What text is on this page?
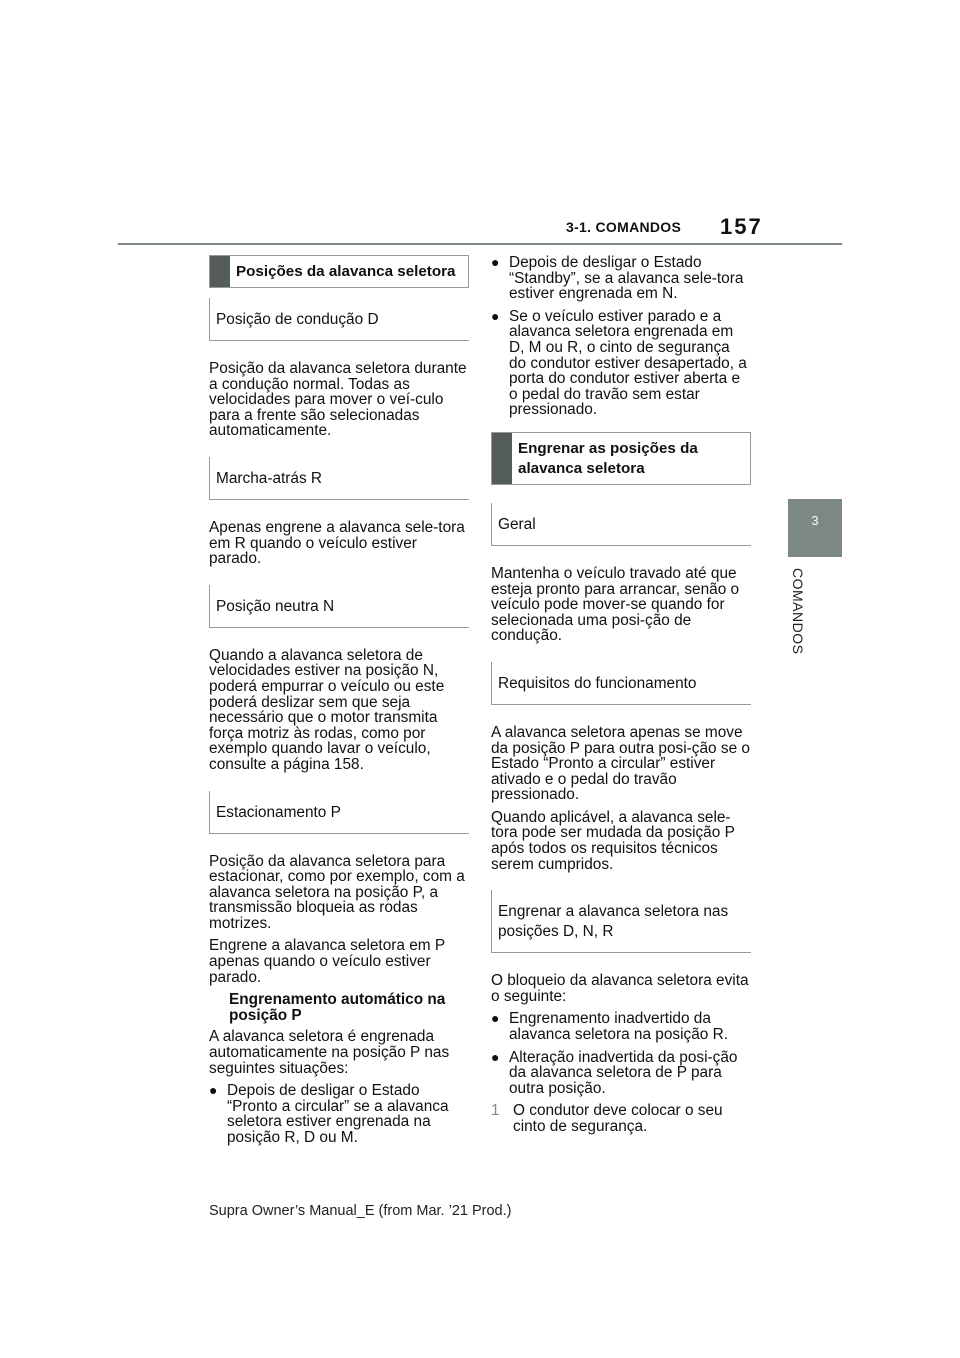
3-1. COMANDOS 157
3
COMANDOS
Posições da alavanca seletora
Posição de condução D

Posição da alavanca seletora durante a condução normal. Todas as velocidades para mover o veí-culo para a frente são selecionadas automaticamente.

Marcha-atrás R

Apenas engrene a alavanca sele-tora em R quando o veículo estiver parado.

Posição neutra N

Quando a alavanca seletora de velocidades estiver na posição N, poderá empurrar o veículo ou este poderá deslizar sem que seja necessário que o motor transmita força motriz às rodas, como por exemplo quando lavar o veículo, consulte a página 158.

Estacionamento P

Posição da alavanca seletora para estacionar, como por exemplo, com a alavanca seletora na posição P, a transmissão bloqueia as rodas motrizes.

Engrene a alavanca seletora em P apenas quando o veículo estiver parado.

Engrenamento automático na posição P

A alavanca seletora é engrenada automaticamente na posição P nas seguintes situações:

● Depois de desligar o Estado “Pronto a circular” se a alavanca seletora estiver engrenada na posição R, D ou M.
● Depois de desligar o Estado “Standby”, se a alavanca sele-tora estiver engrenada em N.
● Se o veículo estiver parado e a alavanca seletora engrenada em D, M ou R, o cinto de segurança do condutor estiver desapertado, a porta do condutor estiver aberta e o pedal do travão sem estar pressionado.
Engrenar as posições da alavanca seletora
Geral

Mantenha o veículo travado até que esteja pronto para arrancar, senão o veículo pode mover-se quando for selecionada uma posi-ção de condução.

Requisitos do funcionamento

A alavanca seletora apenas se move da posição P para outra posi-ção se o Estado “Pronto a circular” estiver ativado e o pedal do travão pressionado.

Quando aplicável, a alavanca sele-tora pode ser mudada da posição P após todos os requisitos técnicos serem cumpridos.

Engrenar a alavanca seletora nas posições D, N, R

O bloqueio da alavanca seletora evita o seguinte:

● Engrenamento inadvertido da alavanca seletora na posição R.
● Alteração inadvertida da posi-ção da alavanca seletora de P para outra posição.
1 O condutor deve colocar o seu cinto de segurança.
Supra Owner’s Manual_E (from Mar. ’21 Prod.)
